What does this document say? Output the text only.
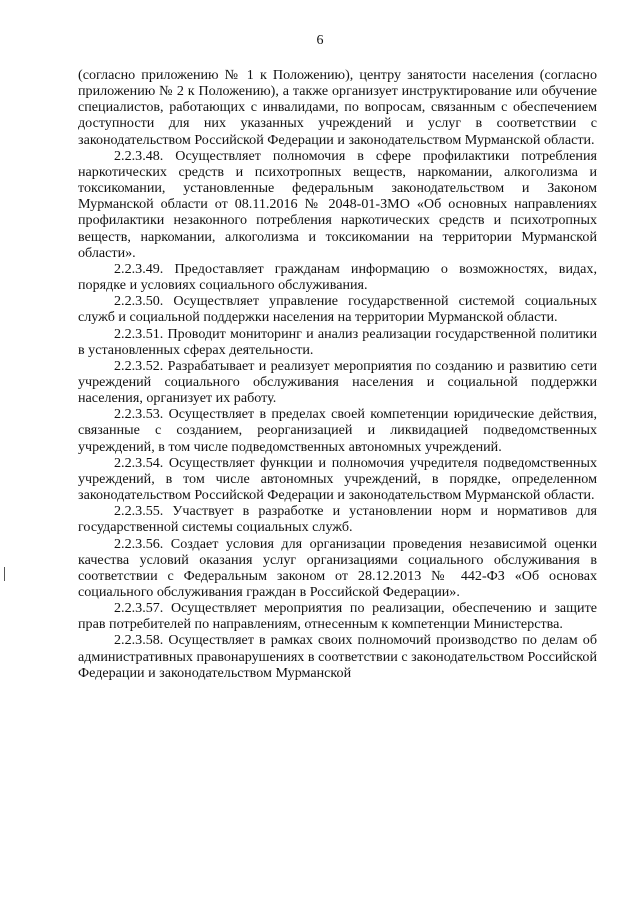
6

(согласно приложению № 1 к Положению), центру занятости населения (согласно приложению № 2 к Положению), а также организует инструктирование или обучение специалистов, работающих с инвалидами, по вопросам, связанным с обеспечением доступности для них указанных учреждений и услуг в соответствии с законодательством Российской Федерации и законодательством Мурманской области.

2.2.3.48. Осуществляет полномочия в сфере профилактики потребления наркотических средств и психотропных веществ, наркомании, алкоголизма и токсикомании, установленные федеральным законодательством и Законом Мурманской области от 08.11.2016 № 2048-01-ЗМО «Об основных направлениях профилактики незаконного потребления наркотических средств и психотропных веществ, наркомании, алкоголизма и токсикомании на территории Мурманской области».

2.2.3.49. Предоставляет гражданам информацию о возможностях, видах, порядке и условиях социального обслуживания.

2.2.3.50. Осуществляет управление государственной системой социальных служб и социальной поддержки населения на территории Мурманской области.

2.2.3.51. Проводит мониторинг и анализ реализации государственной политики в установленных сферах деятельности.

2.2.3.52. Разрабатывает и реализует мероприятия по созданию и развитию сети учреждений социального обслуживания населения и социальной поддержки населения, организует их работу.

2.2.3.53. Осуществляет в пределах своей компетенции юридические действия, связанные с созданием, реорганизацией и ликвидацией подведомственных учреждений, в том числе подведомственных автономных учреждений.

2.2.3.54. Осуществляет функции и полномочия учредителя подведомственных учреждений, в том числе автономных учреждений, в порядке, определенном законодательством Российской Федерации и законодательством Мурманской области.

2.2.3.55. Участвует в разработке и установлении норм и нормативов для государственной системы социальных служб.

2.2.3.56. Создает условия для организации проведения независимой оценки качества условий оказания услуг организациями социального обслуживания в соответствии с Федеральным законом от 28.12.2013 № 442-ФЗ «Об основах социального обслуживания граждан в Российской Федерации».

2.2.3.57. Осуществляет мероприятия по реализации, обеспечению и защите прав потребителей по направлениям, отнесенным к компетенции Министерства.

2.2.3.58. Осуществляет в рамках своих полномочий производство по делам об административных правонарушениях в соответствии с законодательством Российской Федерации и законодательством Мурманской
